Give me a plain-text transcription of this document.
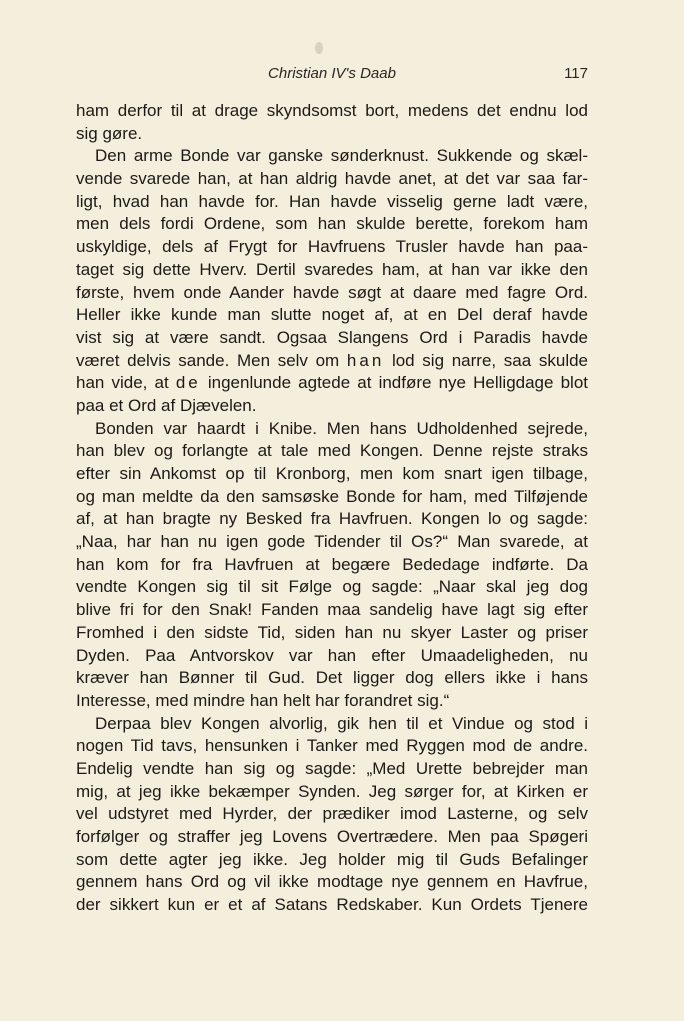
Christian IV's Daab	117
ham derfor til at drage skyndsomst bort, medens det endnu lod
sig gøre.
Den arme Bonde var ganske sønderknust. Sukkende og skæl-
vende svarede han, at han aldrig havde anet, at det var saa far-
ligt, hvad han havde for. Han havde visselig gerne ladt være,
men dels fordi Ordene, som han skulde berette, forekom ham
uskyldige, dels af Frygt for Havfruens Trusler havde han paa-
taget sig dette Hverv. Dertil svaredes ham, at han var ikke den
første, hvem onde Aander havde søgt at daare med fagre Ord.
Heller ikke kunde man slutte noget af, at en Del deraf havde
vist sig at være sandt. Ogsaa Slangens Ord i Paradis havde
været delvis sande. Men selv om han lod sig narre, saa skulde
han vide, at de ingenlunde agtede at indføre nye Helligdage blot
paa et Ord af Djævelen.
Bonden var haardt i Knibe. Men hans Udholdenhed sejrede,
han blev og forlangte at tale med Kongen. Denne rejste straks
efter sin Ankomst op til Kronborg, men kom snart igen tilbage,
og man meldte da den samsøske Bonde for ham, med Tilføjende
af, at han bragte ny Besked fra Havfruen. Kongen lo og sagde:
„Naa, har han nu igen gode Tidender til Os?“ Man svarede, at
han kom for fra Havfruen at begære Bededage indførte. Da
vendte Kongen sig til sit Følge og sagde: „Naar skal jeg dog
blive fri for den Snak! Fanden maa sandelig have lagt sig efter
Fromhed i den sidste Tid, siden han nu skyer Laster og priser
Dyden. Paa Antvorskov var han efter Umaadeligheden, nu
kræver han Bønner til Gud. Det ligger dog ellers ikke i hans
Interesse, med mindre han helt har forandret sig.“
Derpaa blev Kongen alvorlig, gik hen til et Vindue og stod i
nogen Tid tavs, hensunken i Tanker med Ryggen mod de andre.
Endelig vendte han sig og sagde: „Med Urette bebrejder man
mig, at jeg ikke bekæmper Synden. Jeg sørger for, at Kirken er
vel udstyret med Hyrder, der prædiker imod Lasterne, og selv
forfølger og straffer jeg Lovens Overtrædere. Men paa Spøgeri
som dette agter jeg ikke. Jeg holder mig til Guds Befalinger
gennem hans Ord og vil ikke modtage nye gennem en Havfrue,
der sikkert kun er et af Satans Redskaber. Kun Ordets Tjenere
